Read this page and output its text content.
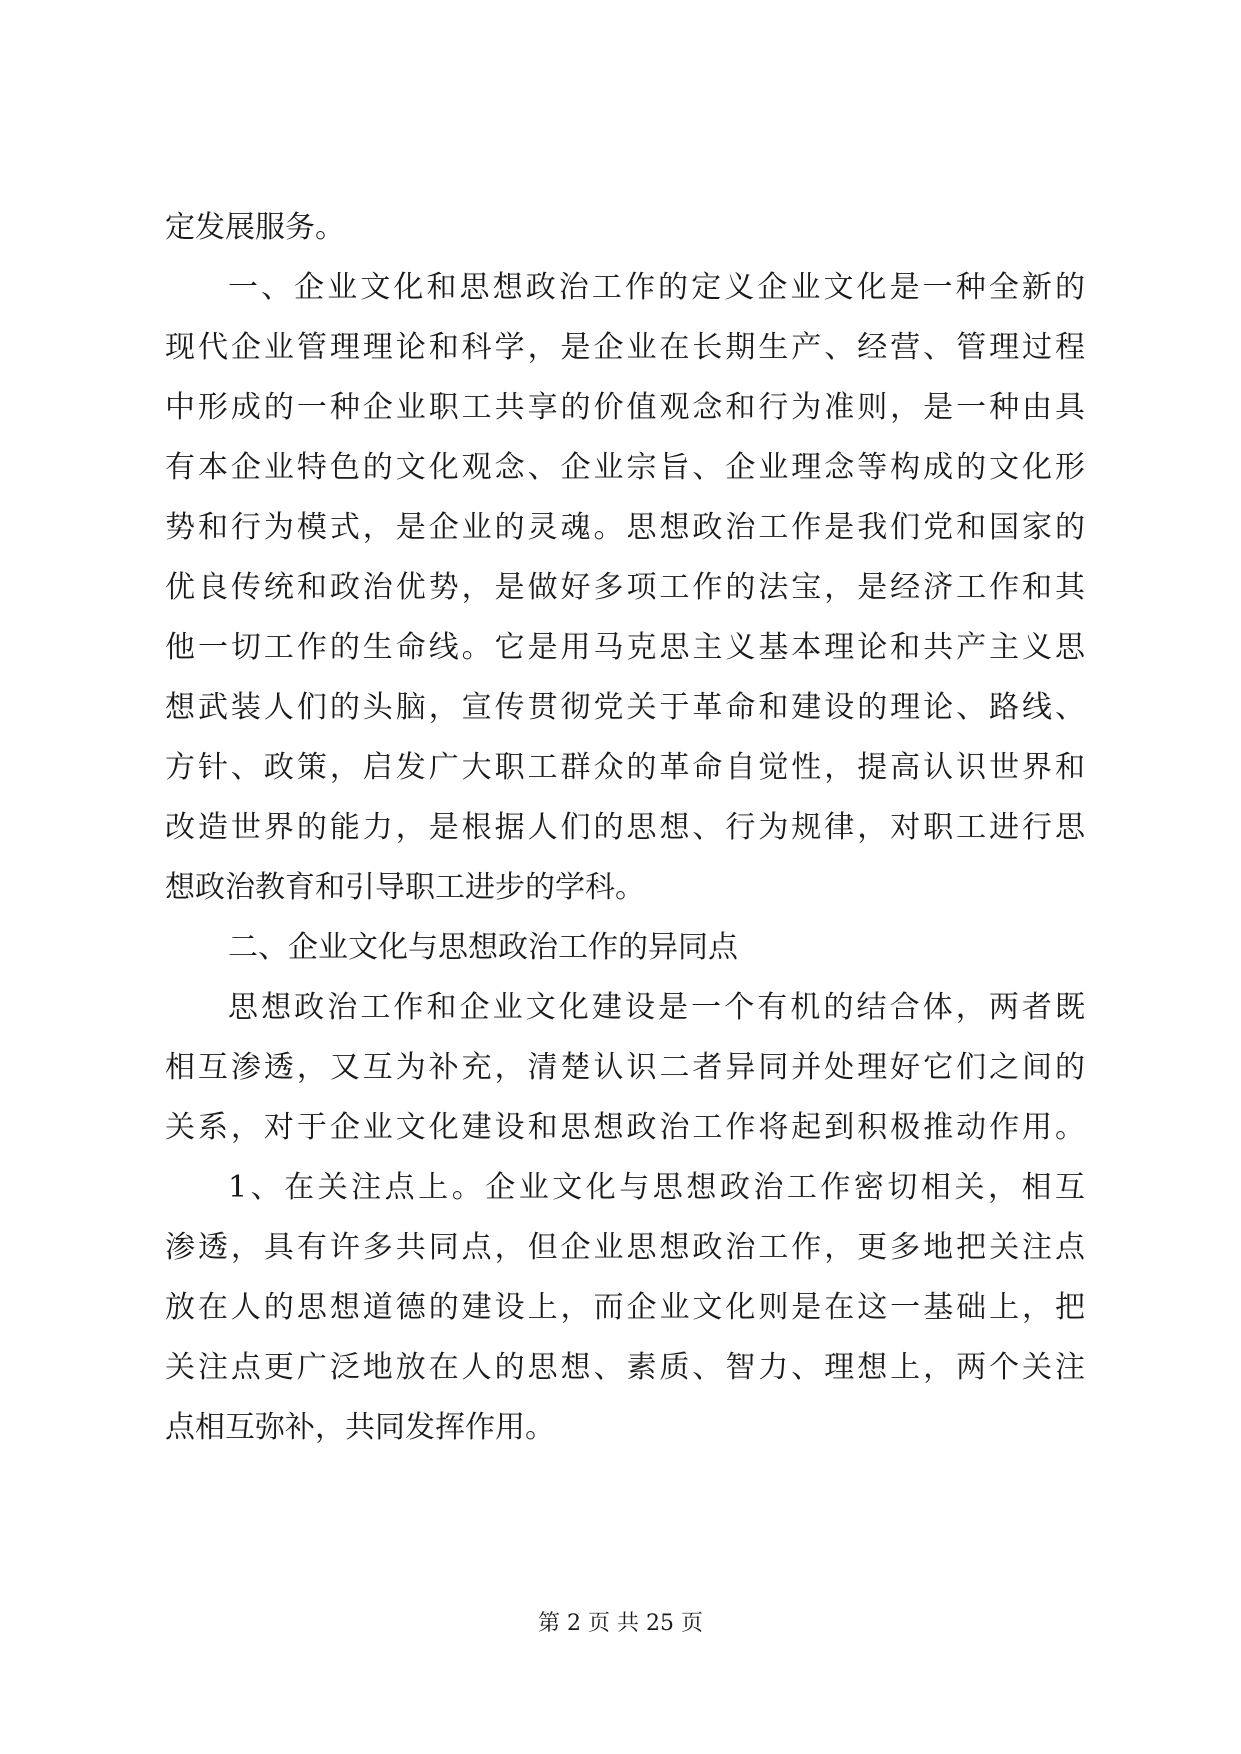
定发展服务。
一、企业文化和思想政治工作的定义企业文化是一种全新的
现代企业管理理论和科学，是企业在长期生产、经营、管理过程
中形成的一种企业职工共享的价值观念和行为准则，是一种由具
有本企业特色的文化观念、企业宗旨、企业理念等构成的文化形
势和行为模式，是企业的灵魂。思想政治工作是我们党和国家的
优良传统和政治优势，是做好多项工作的法宝，是经济工作和其
他一切工作的生命线。它是用马克思主义基本理论和共产主义思
想武装人们的头脑，宣传贯彻党关于革命和建设的理论、路线、
方针、政策，启发广大职工群众的革命自觉性，提高认识世界和
改造世界的能力，是根据人们的思想、行为规律，对职工进行思
想政治教育和引导职工进步的学科。
二、企业文化与思想政治工作的异同点
思想政治工作和企业文化建设是一个有机的结合体，两者既
相互渗透，又互为补充，清楚认识二者异同并处理好它们之间的
关系，对于企业文化建设和思想政治工作将起到积极推动作用。
1、在关注点上。企业文化与思想政治工作密切相关，相互
渗透，具有许多共同点，但企业思想政治工作，更多地把关注点
放在人的思想道德的建设上，而企业文化则是在这一基础上，把
关注点更广泛地放在人的思想、素质、智力、理想上，两个关注
点相互弥补，共同发挥作用。
第 2 页 共 25 页
